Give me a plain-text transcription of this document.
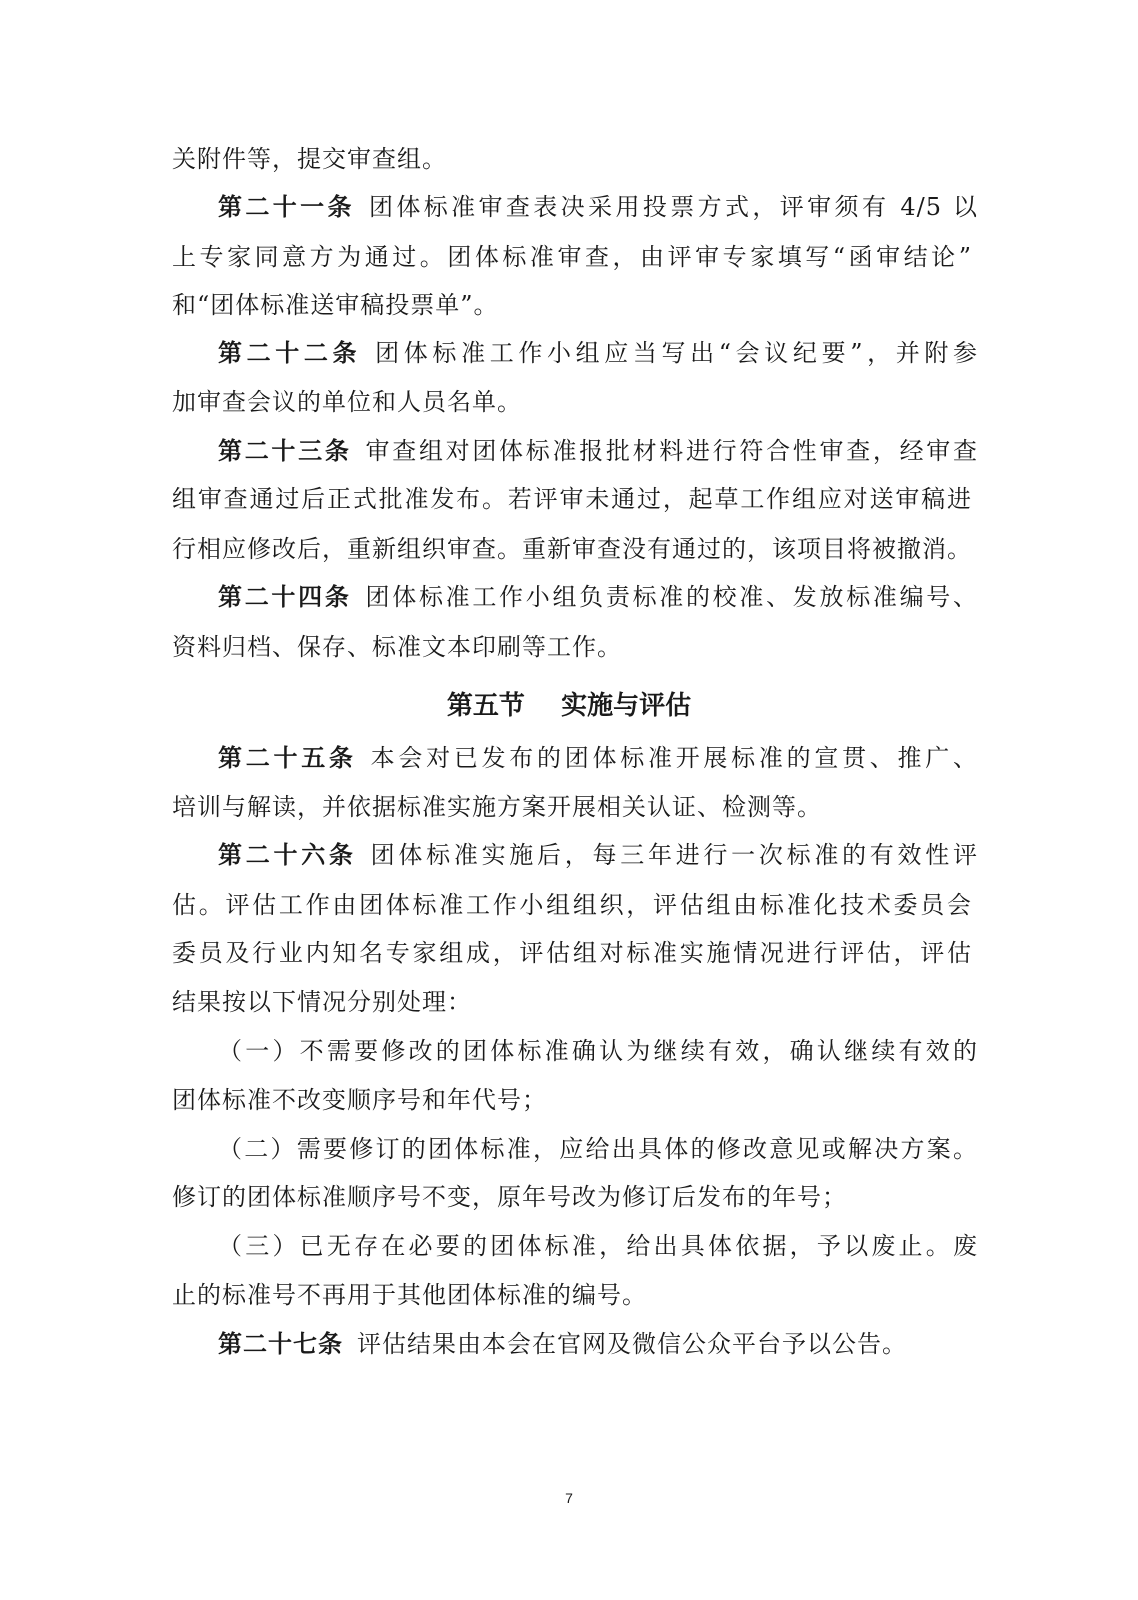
关附件等，提交审查组。
第二十一条 团体标准审查表决采用投票方式，评审须有 4/5 以
上专家同意方为通过。团体标准审查，由评审专家填写“函审结论”
和“团体标准送审稿投票单”。
第二十二条 团体标准工作小组应当写出“会议纪要”，并附参
加审查会议的单位和人员名单。
第二十三条 审查组对团体标准报批材料进行符合性审查，经审查
组审查通过后正式批准发布。若评审未通过，起草工作组应对送审稿进
行相应修改后，重新组织审查。重新审查没有通过的，该项目将被撤消。
第二十四条 团体标准工作小组负责标准的校准、发放标准编号、
资料归档、保存、标准文本印刷等工作。
第五节    实施与评估
第二十五条 本会对已发布的团体标准开展标准的宣贯、推广、
培训与解读，并依据标准实施方案开展相关认证、检测等。
第二十六条 团体标准实施后，每三年进行一次标准的有效性评
估。评估工作由团体标准工作小组组织，评估组由标准化技术委员会
委员及行业内知名专家组成，评估组对标准实施情况进行评估，评估
结果按以下情况分别处理：
（一）不需要修改的团体标准确认为继续有效，确认继续有效的
团体标准不改变顺序号和年代号；
（二）需要修订的团体标准，应给出具体的修改意见或解决方案。
修订的团体标准顺序号不变，原年号改为修订后发布的年号；
（三）已无存在必要的团体标准，给出具体依据，予以废止。废
止的标准号不再用于其他团体标准的编号。
第二十七条 评估结果由本会在官网及微信公众平台予以公告。
7
